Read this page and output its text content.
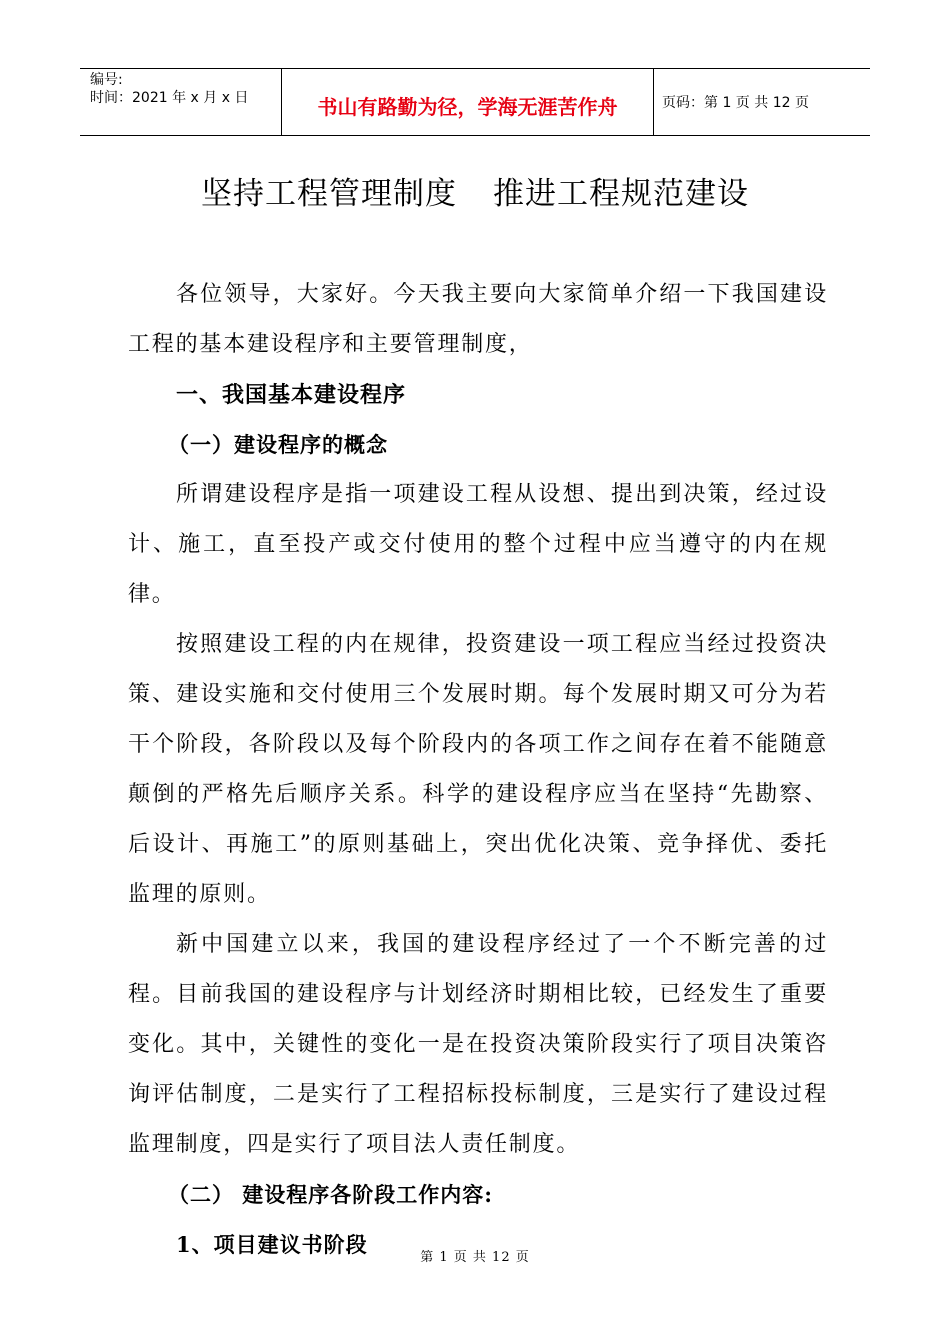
编号:
时间：2021 年 x 月 x 日	书山有路勤为径，学海无涯苦作舟	页码：第 1 页 共 12 页
坚持工程管理制度 推进工程规范建设

各位领导，大家好。今天我主要向大家简单介绍一下我国建设工程的基本建设程序和主要管理制度，

一、我国基本建设程序
（一）建设程序的概念

所谓建设程序是指一项建设工程从设想、提出到决策，经过设计、施工，直至投产或交付使用的整个过程中应当遵守的内在规律。

按照建设工程的内在规律，投资建设一项工程应当经过投资决策、建设实施和交付使用三个发展时期。每个发展时期又可分为若干个阶段，各阶段以及每个阶段内的各项工作之间存在着不能随意颠倒的严格先后顺序关系。科学的建设程序应当在坚持“先勘察、后设计、再施工”的原则基础上，突出优化决策、竞争择优、委托监理的原则。

新中国建立以来，我国的建设程序经过了一个不断完善的过程。目前我国的建设程序与计划经济时期相比较，已经发生了重要变化。其中，关键性的变化一是在投资决策阶段实行了项目决策咨询评估制度，二是实行了工程招标投标制度，三是实行了建设过程监理制度，四是实行了项目法人责任制度。

（二） 建设程序各阶段工作内容:
1、项目建议书阶段
第 1 页 共 12 页
